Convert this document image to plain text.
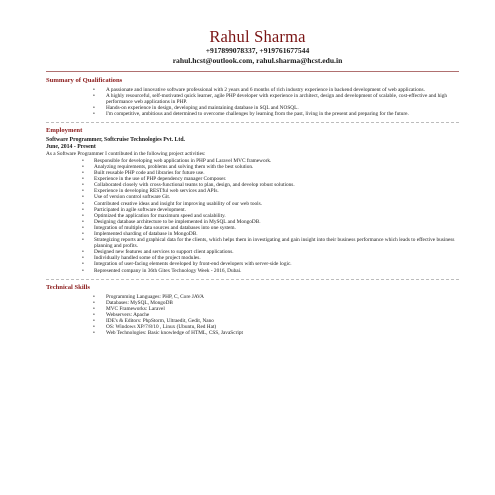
Rahul Sharma
+917899078337, +919761677544
rahul.hcst@outlook.com, rahul.sharma@hcst.edu.in
Summary of Qualifications
• A passionate and innovative software professional with 2 years and 6 months of rich industry experience in backend development of web applications.
• A highly resourceful, self-motivated quick learner, agile PHP developer with experience in architect, design and development of scalable, cost-effective and high performance web applications in PHP.
• Hands-on experience in design, developing and maintaining database in SQL and NOSQL.
• I'm competitive, ambitious and determined to overcome challenges by learning from the past, living in the present and preparing for the future.
Employment
Software Programmer, Softcruise Technologies Pvt. Ltd.
June, 2014 - Present
As a Software Programmer I contributed in the following project activities:
• Responsible for developing web applications in PHP and Laravel MVC framework.
• Analyzing requirements, problems and solving them with the best solution.
• Built reusable PHP code and libraries for future use.
• Experience in the use of PHP dependency manager Composer.
• Collaborated closely with cross-functional teams to plan, design, and develop robust solutions.
• Experience in developing RESTful web services and APIs.
• Use of version control software Git.
• Contributed creative ideas and insight for improving usability of our web tools.
• Participated in agile software development.
• Optimized the application for maximum speed and scalability.
• Designing database architecture to be implemented in MySQL and MongoDB.
• Integration of multiple data sources and databases into one system.
• Implemented sharding of database in MongoDB.
• Strategizing reports and graphical data for the clients, which helps them in investigating and gain insight into their business performance which leads to effective business planning and profits.
• Designed new features and services to support client applications.
• Individually handled some of the project modules.
• Integration of user-facing elements developed by front-end developers with server-side logic.
• Represented company in 36th Gitex Technology Week - 2016, Dubai.
Technical Skills
• Programming Languages: PHP, C, Core JAVA
• Databases: MySQL, MongoDB
• MVC Frameworks: Laravel
• Webservers: Apache
• IDE's & Editors: PhpStorm, Ultraedit, Gedit, Nano
• OS: Windows XP/7/8/10 , Linux (Ubuntu, Red Hat)
• Web Technologies: Basic knowledge of HTML, CSS, JavaScript
